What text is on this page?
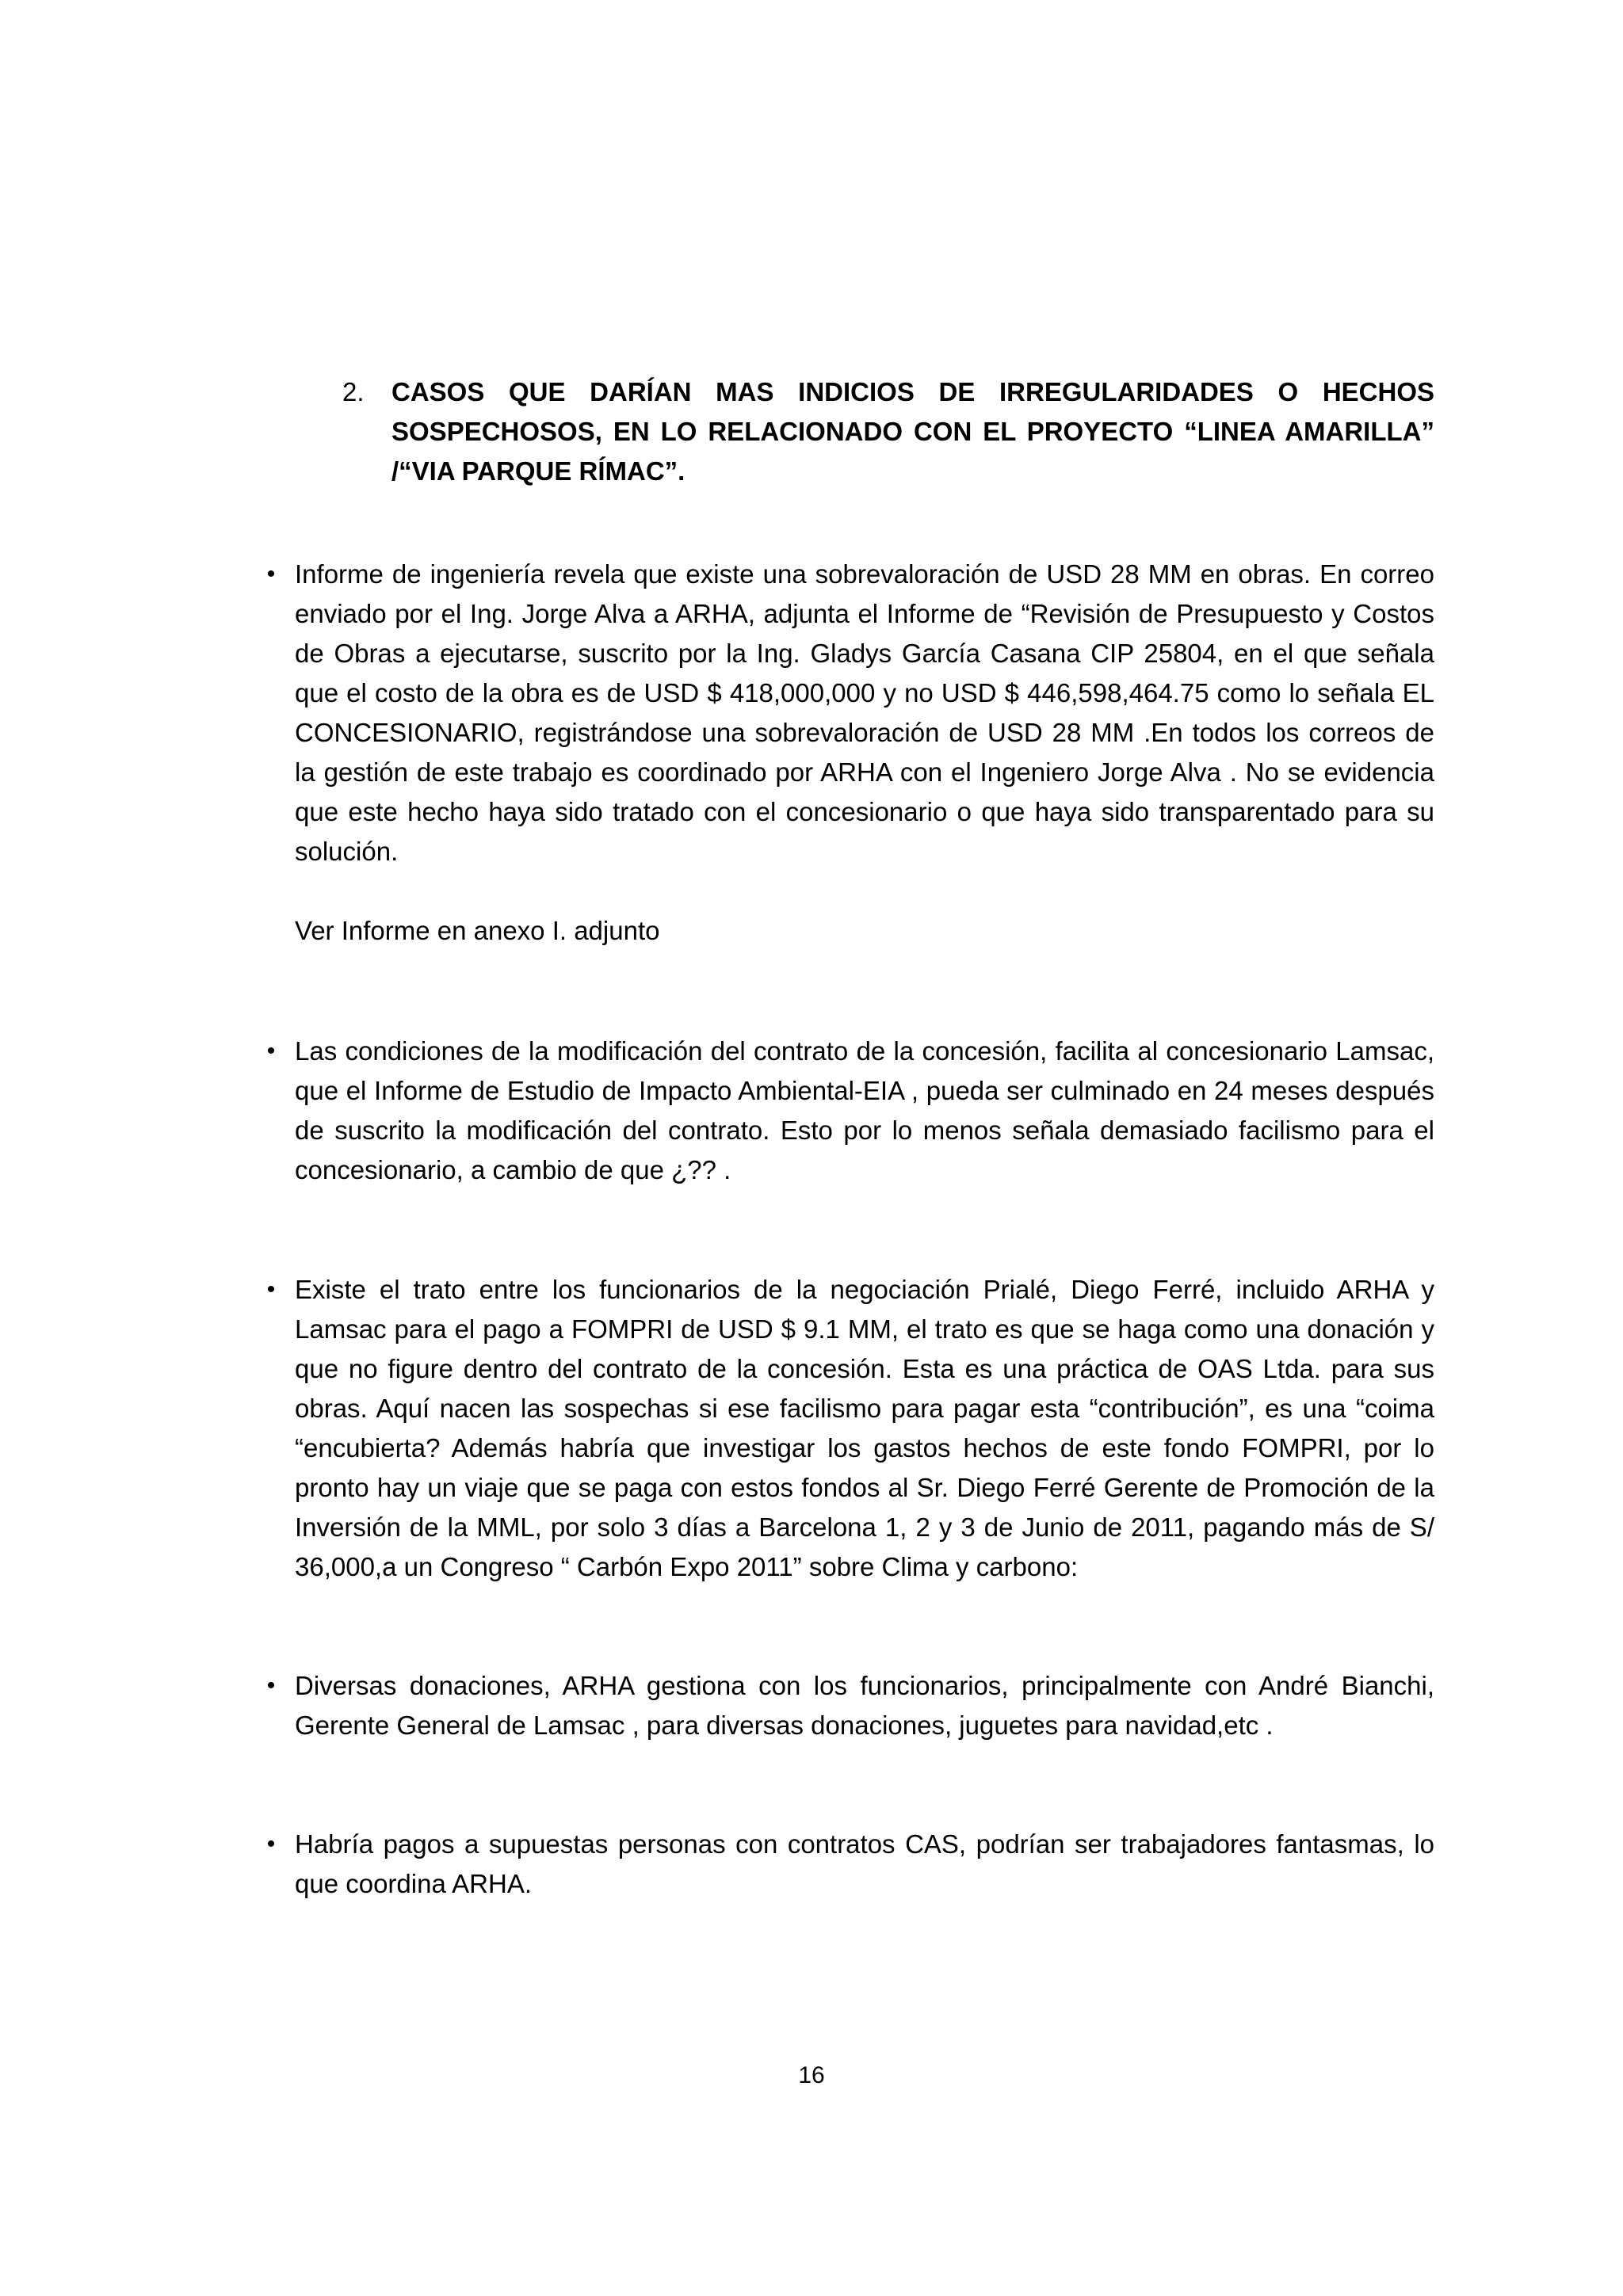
2. CASOS QUE DARÍAN MAS INDICIOS DE IRREGULARIDADES O HECHOS SOSPECHOSOS, EN LO RELACIONADO CON EL PROYECTO “LINEA AMARILLA” /“VIA PARQUE RÍMAC”.
• Informe de ingeniería revela que existe una sobrevaloración de USD 28 MM en obras. En correo enviado por el Ing. Jorge Alva a ARHA, adjunta el Informe de “Revisión de Presupuesto y Costos de Obras a ejecutarse, suscrito por la Ing. Gladys García Casana CIP 25804, en el que señala que el costo de la obra es de USD $ 418,000,000 y no USD $ 446,598,464.75 como lo señala EL CONCESIONARIO, registrándose una sobrevaloración de USD 28 MM .En todos los correos de la gestión de este trabajo es coordinado por ARHA con el Ingeniero Jorge Alva . No se evidencia que este hecho haya sido tratado con el concesionario o que haya sido transparentado para su solución.
Ver Informe en anexo I. adjunto
• Las condiciones de la modificación del contrato de la concesión, facilita al concesionario Lamsac, que el Informe de Estudio de Impacto Ambiental-EIA , pueda ser culminado en 24 meses después de suscrito la modificación del contrato. Esto por lo menos señala demasiado facilismo para el concesionario, a cambio de que ¿?? .
• Existe el trato entre los funcionarios de la negociación Prialé, Diego Ferré, incluido ARHA y Lamsac para el pago a FOMPRI de USD $ 9.1 MM, el trato es que se haga como una donación y que no figure dentro del contrato de la concesión. Esta es una práctica de OAS Ltda. para sus obras. Aquí nacen las sospechas si ese facilismo para pagar esta “contribución”, es una “coima “encubierta? Además habría que investigar los gastos hechos de este fondo FOMPRI, por lo pronto hay un viaje que se paga con estos fondos al Sr. Diego Ferré Gerente de Promoción de la Inversión de la MML, por solo 3 días a Barcelona 1, 2 y 3 de Junio de 2011, pagando más de S/ 36,000,a un Congreso “ Carbón Expo 2011” sobre Clima y carbono:
• Diversas donaciones, ARHA gestiona con los funcionarios, principalmente con André Bianchi, Gerente General de Lamsac , para diversas donaciones, juguetes para navidad,etc .
• Habría pagos a supuestas personas con contratos CAS, podrían ser trabajadores fantasmas, lo que coordina ARHA.
16
